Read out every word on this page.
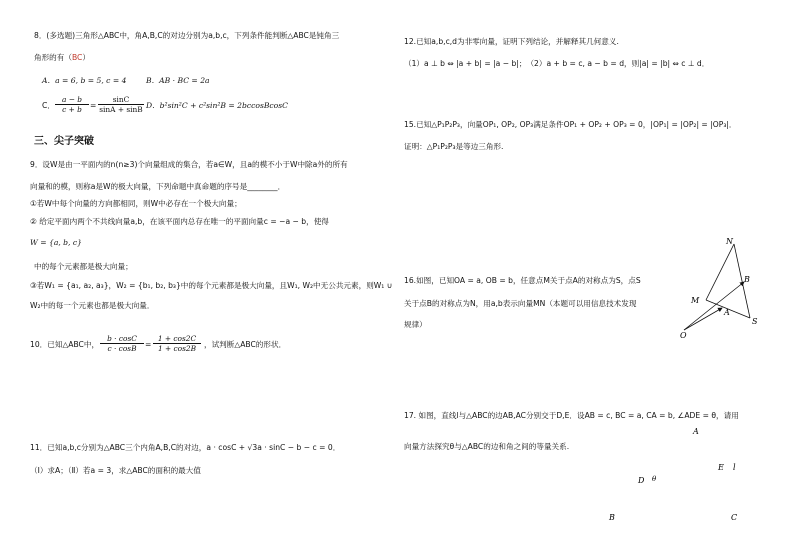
8．(多选题)三角形△ABC中，角A,B,C的对边分别为a,b,c，下列条件能判断△ABC是钝角三
角形的有（BC）
A．a = 6, b = 5, c = 4	B．AB · BC = 2a
C． $\frac{a - b}{c + b} = \frac{\sin C}{\sin A + \sin B}$ D．b²sin²C + c²sin²B = 2bccosBcosC
三、尖子突破
9．设W是由一平面内的n(n≥3)个向量组成的集合，若a∈W，且a的模不小于W中除a外的所有
向量和的模，则称a是W的极大向量，下列命题中真命题的序号是________．
①若W中每个向量的方向都相同，则W中必存在一个极大向量；
② 给定平面内两个不共线向量a,b，在该平面内总存在唯一的平面向量c = −a − b，使得
W = {a, b, c}
中的每个元素都是极大向量；
③若W₁ = {a₁, a₂, a₃}，W₂ = {b₁, b₂, b₃}中的每个元素都是极大向量，且W₁, W₂中无公共元素，则W₁ ∪
W₂中的每一个元素也都是极大向量．
10．已知△ABC中， $\frac{b \cdot \cos C}{c \cdot \cos B} = \frac{1 + \cos 2C}{1 + \cos 2B}$ ，试判断△ABC的形状．
11．已知a,b,c分别为△ABC三个内角A,B,C的对边，a · cosC + √3a · sinC − b − c = 0．
（Ⅰ）求A；（Ⅱ）若a = 3，求△ABC的面积的最大值
12.已知a,b,c,d为非零向量，证明下列结论，并解释其几何意义.
（1）a ⊥ b ⇔ |a + b| = |a − b|；　（2）a + b = c, a − b = d，则|a| = |b| ⇔ c ⊥ d．
15.已知△P₁P₂P₃，向量OP₁, OP₂, OP₃满足条件OP₁ + OP₂ + OP₃ = 0，|OP₁| = |OP₂| = |OP₃|．
证明：△P₁P₂P₃是等边三角形.
16.如图，已知OA = a, OB = b，任意点M关于点A的对称点为S，点S
关于点B的对称点为N，用a,b表示向量MN（本题可以用信息技术发现
规律）
N
B
M
A
S
O
17. 如图，直线l与△ABC的边AB,AC分别交于D,E．设AB = c, BC = a, CA = b, ∠ADE = θ，请用
向量方法探究θ与△ABC的边和角之间的等量关系.
A
E l
D θ
B	C
